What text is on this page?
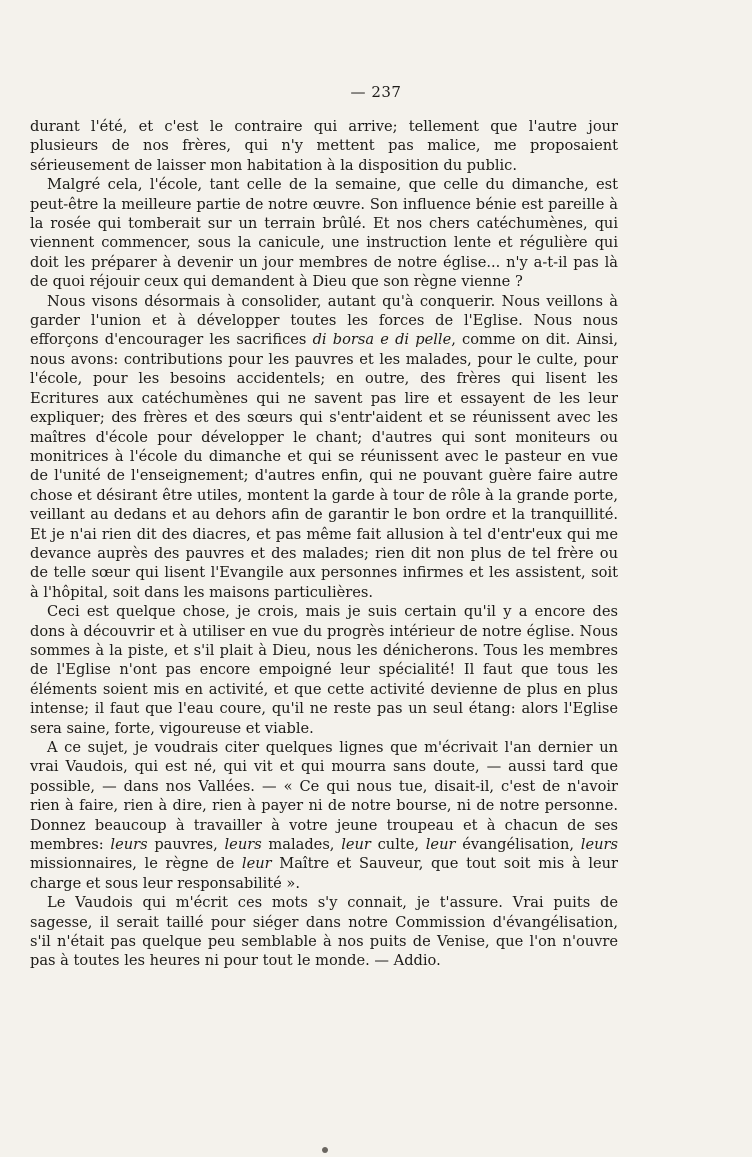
— 237

durant l'été, et c'est le contraire qui arrive; tellement que l'autre jour plusieurs de nos frères, qui n'y mettent pas malice, me proposaient sérieusement de laisser mon habitation à la disposition du public.

Malgré cela, l'école, tant celle de la semaine, que celle du dimanche, est peut-être la meilleure partie de notre œuvre. Son influence bénie est pareille à la rosée qui tomberait sur un terrain brûlé. Et nos chers catéchumènes, qui viennent commencer, sous la canicule, une instruction lente et régulière qui doit les préparer à devenir un jour membres de notre église... n'y a-t-il pas là de quoi réjouir ceux qui demandent à Dieu que son règne vienne ?

Nous visons désormais à consolider, autant qu'à conquerir. Nous veillons à garder l'union et à développer toutes les forces de l'Eglise. Nous nous efforçons d'encourager les sacrifices di borsa e di pelle, comme on dit. Ainsi, nous avons: contributions pour les pauvres et les malades, pour le culte, pour l'école, pour les besoins accidentels; en outre, des frères qui lisent les Ecritures aux catéchumènes qui ne savent pas lire et essayent de les leur expliquer; des frères et des sœurs qui s'entr'aident et se réunissent avec les maîtres d'école pour développer le chant; d'autres qui sont moniteurs ou monitrices à l'école du dimanche et qui se réunissent avec le pasteur en vue de l'unité de l'enseignement; d'autres enfin, qui ne pouvant guère faire autre chose et désirant être utiles, montent la garde à tour de rôle à la grande porte, veillant au dedans et au dehors afin de garantir le bon ordre et la tranquillité. Et je n'ai rien dit des diacres, et pas même fait allusion à tel d'entr'eux qui me devance auprès des pauvres et des malades; rien dit non plus de tel frère ou de telle sœur qui lisent l'Evangile aux personnes infirmes et les assistent, soit à l'hôpital, soit dans les maisons particulières.

Ceci est quelque chose, je crois, mais je suis certain qu'il y a encore des dons à découvrir et à utiliser en vue du progrès intérieur de notre église. Nous sommes à la piste, et s'il plait à Dieu, nous les dénicherons. Tous les membres de l'Eglise n'ont pas encore empoigné leur spécialité! Il faut que tous les éléments soient mis en activité, et que cette activité devienne de plus en plus intense; il faut que l'eau coure, qu'il ne reste pas un seul étang: alors l'Eglise sera saine, forte, vigoureuse et viable.

A ce sujet, je voudrais citer quelques lignes que m'écrivait l'an dernier un vrai Vaudois, qui est né, qui vit et qui mourra sans doute, — aussi tard que possible, — dans nos Vallées. — « Ce qui nous tue, disait-il, c'est de n'avoir rien à faire, rien à dire, rien à payer ni de notre bourse, ni de notre personne. Donnez beaucoup à travailler à votre jeune troupeau et à chacun de ses membres: leurs pauvres, leurs malades, leur culte, leur évangélisation, leurs missionnaires, le règne de leur Maître et Sauveur, que tout soit mis à leur charge et sous leur responsabilité ».

Le Vaudois qui m'écrit ces mots s'y connait, je t'assure. Vrai puits de sagesse, il serait taillé pour siéger dans notre Commission d'évangélisation, s'il n'était pas quelque peu semblable à nos puits de Venise, que l'on n'ouvre pas à toutes les heures ni pour tout le monde. — Addio.
